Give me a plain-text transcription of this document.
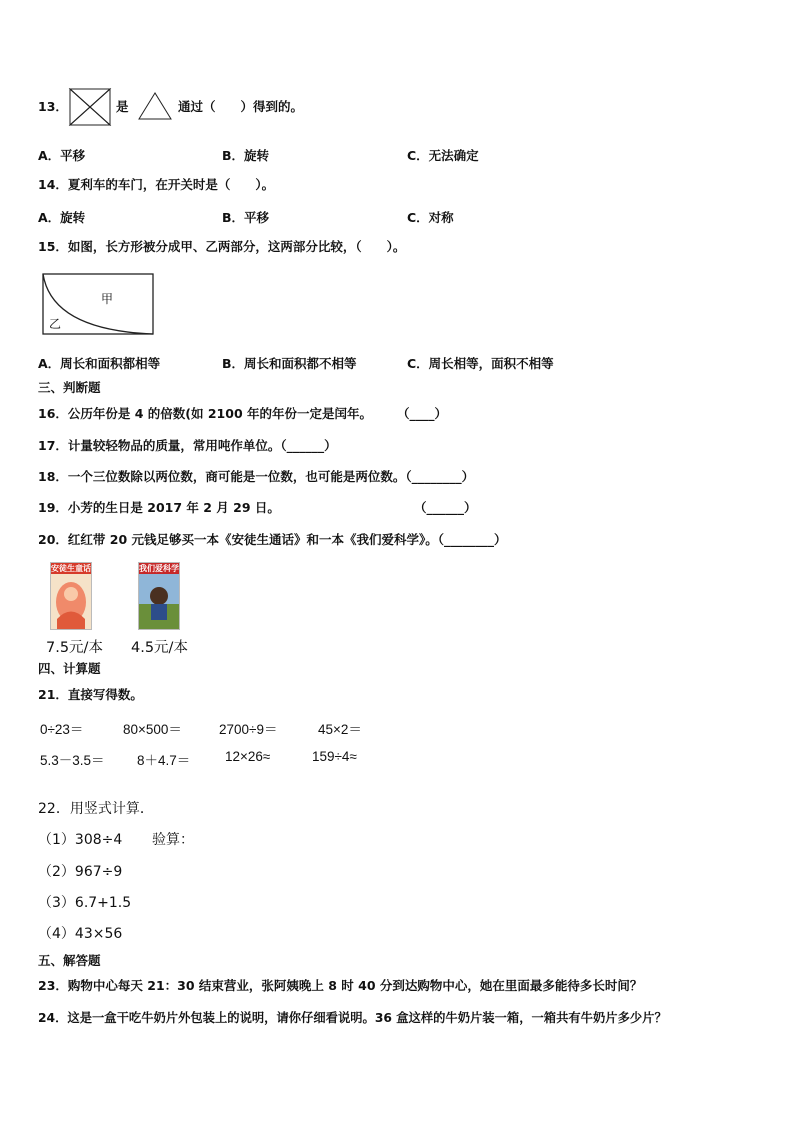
13．	是	通过（　　）得到的。
A．平移	B．旋转	C．无法确定
14．夏利车的车门，在开关时是（　　）。
A．旋转	B．平移	C．对称
15．如图，长方形被分成甲、乙两部分，这两部分比较，（　　）。
甲
乙
A．周长和面积都相等	B．周长和面积都不相等	C．周长相等，面积不相等
三、判断题
16．公历年份是 4 的倍数(如 2100 年的年份一定是闰年。　　　（____）
17．计量较轻物品的质量，常用吨作单位。（______）
18．一个三位数除以两位数，商可能是一位数，也可能是两位数。（________）
19．小芳的生日是 2017 年 2 月 29 日。	（______）
20．红红带 20 元钱足够买一本《安徒生通话》和一本《我们爱科学》。（________）
安徒生童话	我们爱科学
7.5元/本 4.5元/本
四、计算题
21．直接写得数。
0÷23＝	80×500＝	2700÷9＝	45×2＝
5.3－3.5＝ 8＋4.7＝	12×26≈	159÷4≈
22．用竖式计算．
（1）308÷4 验算：
（2）967÷9
（3）6.7+1.5
（4）43×56
五、解答题
23．购物中心每天 21：30 结束营业，张阿姨晚上 8 时 40 分到达购物中心，她在里面最多能待多长时间？
24．这是一盒干吃牛奶片外包装上的说明，请你仔细看说明。36 盒这样的牛奶片装一箱，一箱共有牛奶片多少片？
